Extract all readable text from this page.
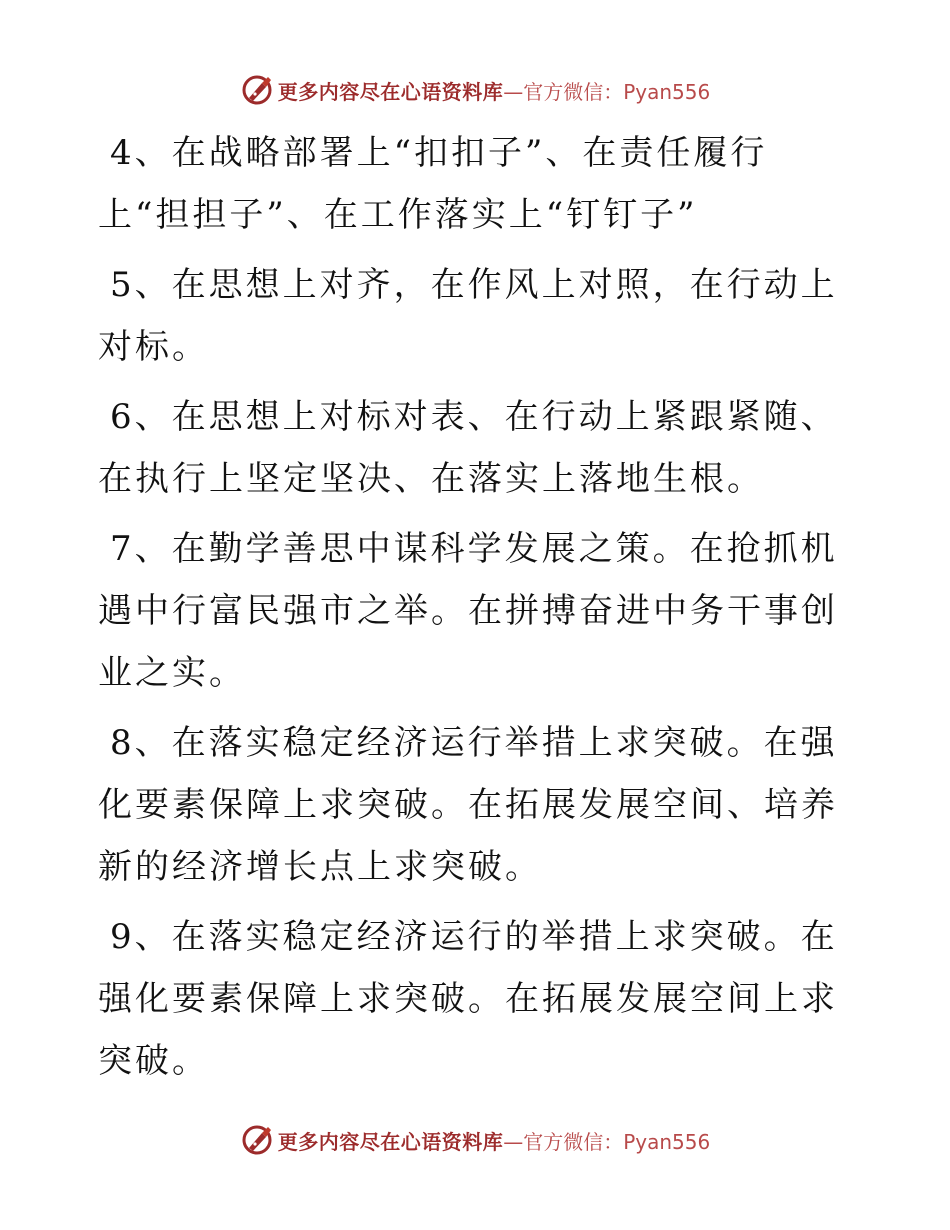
更多内容尽在心语资料库 —官方微信：Pyan556

4、在战略部署上“扣扣子”、在责任履行上“担担子”、在工作落实上“钉钉子”

5、在思想上对齐，在作风上对照，在行动上对标。

6、在思想上对标对表、在行动上紧跟紧随、在执行上坚定坚决、在落实上落地生根。

7、在勤学善思中谋科学发展之策。在抢抓机遇中行富民强市之举。在拼搏奋进中务干事创业之实。

8、在落实稳定经济运行举措上求突破。在强化要素保障上求突破。在拓展发展空间、培养新的经济增长点上求突破。

9、在落实稳定经济运行的举措上求突破。在强化要素保障上求突破。在拓展发展空间上求突破。

更多内容尽在心语资料库 —官方微信：Pyan556
